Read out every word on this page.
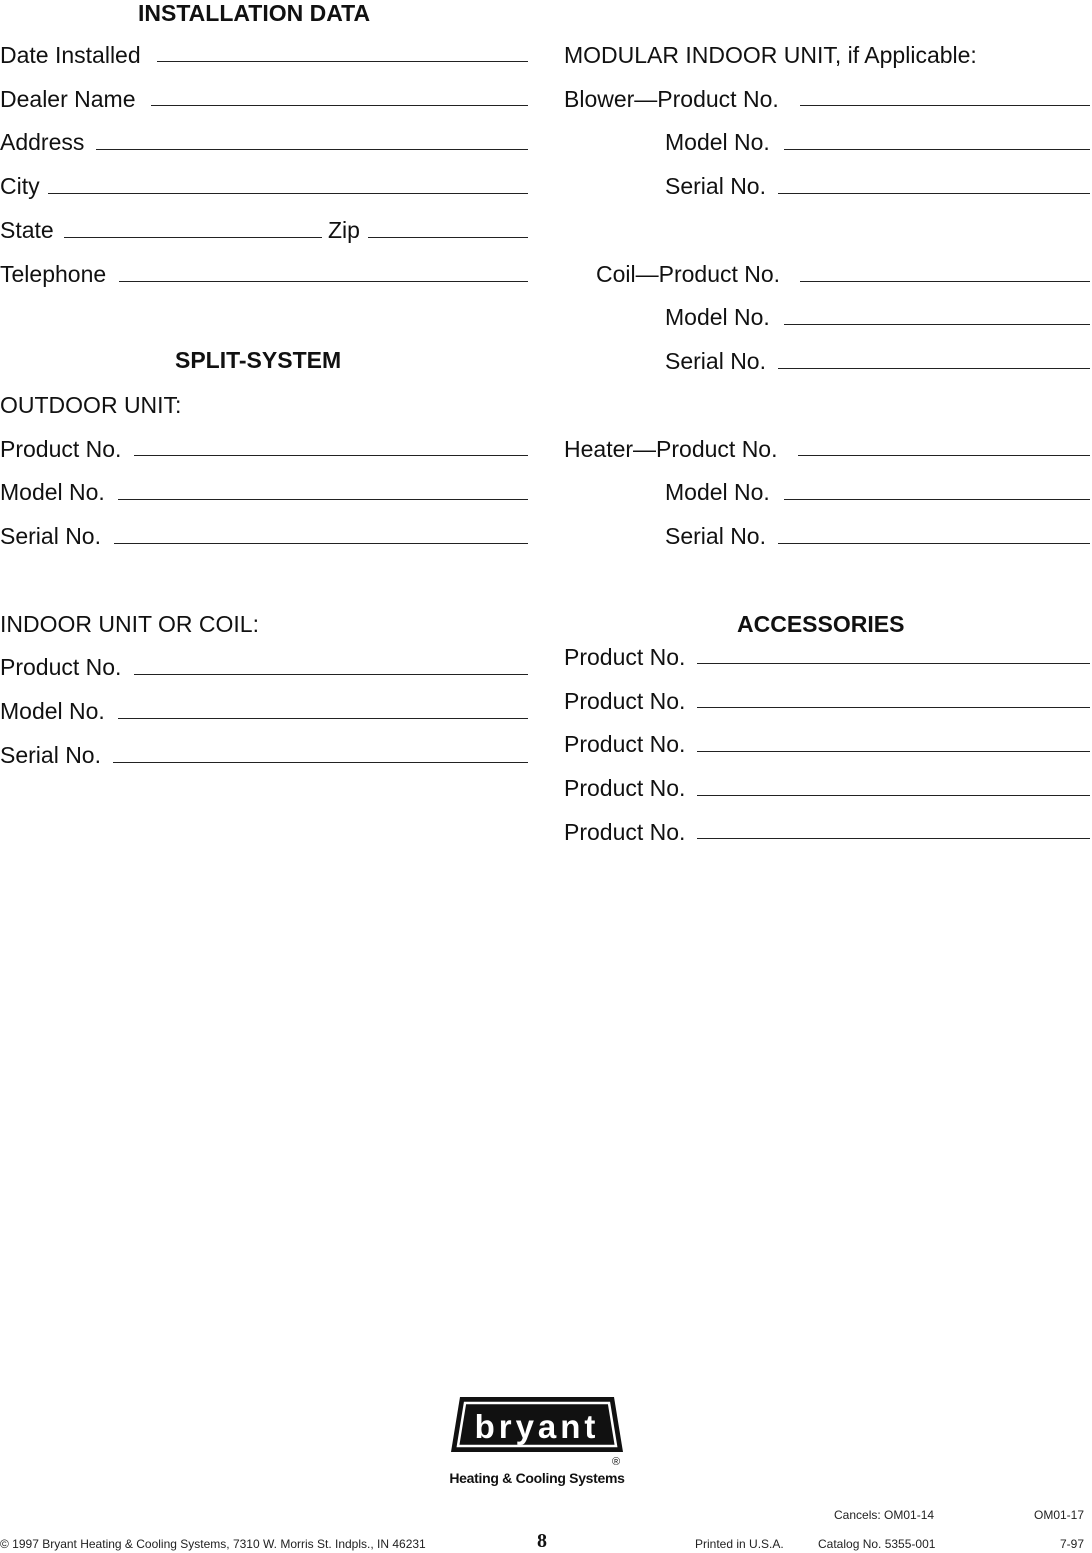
INSTALLATION DATA
Date Installed
Dealer Name
Address
City
State	Zip
Telephone
SPLIT-SYSTEM
OUTDOOR UNIT:
Product No.
Model No.
Serial No.
INDOOR UNIT OR COIL:
Product No.
Model No.
Serial No.
MODULAR INDOOR UNIT, if Applicable:
Blower—Product No.
Model No.
Serial No.
Coil—Product No.
Model No.
Serial No.
Heater—Product No.
Model No.
Serial No.
ACCESSORIES
Product No.
Product No.
Product No.
Product No.
Product No.
bryant
®
Heating & Cooling Systems
Cancels: OM01-14	OM01-17
© 1997 Bryant Heating & Cooling Systems, 7310 W. Morris St. Indpls., IN 46231	8	Printed in U.S.A.	Catalog No. 5355-001	7-97
